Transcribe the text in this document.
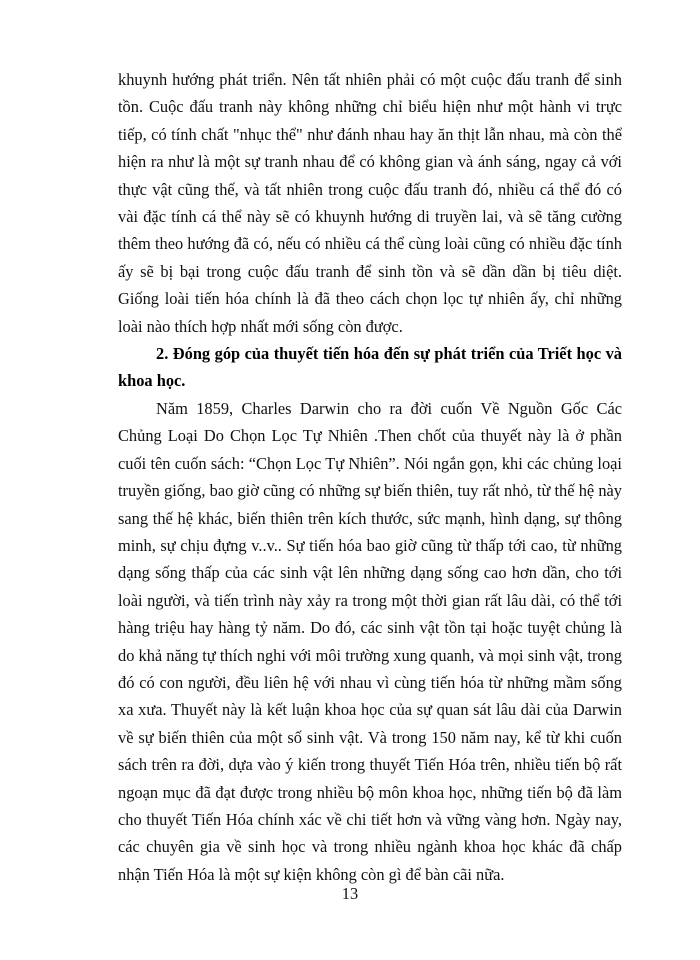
khuynh hướng phát triển. Nên tất nhiên phải có một cuộc đấu tranh để sinh tồn. Cuộc đấu tranh này không những chỉ biểu hiện như một hành vi trực tiếp, có tính chất "nhục thể" như đánh nhau hay ăn thịt lẫn nhau, mà còn thể hiện ra như là một sự tranh nhau để có không gian và ánh sáng, ngay cả với thực vật cũng thế, và tất nhiên trong cuộc đấu tranh đó, nhiều cá thể đó có vài đặc tính cá thể này sẽ có khuynh hướng di truyền lai, và sẽ tăng cường thêm theo hướng đã có, nếu có nhiều cá thể cùng loài cũng có nhiều đặc tính ấy sẽ bị bại trong cuộc đấu tranh để sinh tồn và sẽ dần dần bị tiêu diệt. Giống loài tiến hóa chính là đã theo cách chọn lọc tự nhiên ấy, chỉ những loài nào thích hợp nhất mới sống còn được.

2. Đóng góp của thuyết tiến hóa đến sự phát triển của Triết học và khoa học.

Năm 1859, Charles Darwin cho ra đời cuốn Về Nguồn Gốc Các Chủng Loại Do Chọn Lọc Tự Nhiên .Then chốt của thuyết này là ở phần cuối tên cuốn sách: “Chọn Lọc Tự Nhiên”. Nói ngắn gọn, khi các chủng loại truyền giống, bao giờ cũng có những sự biến thiên, tuy rất nhỏ, từ thế hệ này sang thế hệ khác, biến thiên trên kích thước, sức mạnh, hình dạng, sự thông minh, sự chịu đựng v..v.. Sự tiến hóa bao giờ cũng từ thấp tới cao, từ những dạng sống thấp của các sinh vật lên những dạng sống cao hơn dần, cho tới loài người, và tiến trình này xảy ra trong một thời gian rất lâu dài, có thể tới hàng triệu hay hàng tỷ năm. Do đó, các sinh vật tồn tại hoặc tuyệt chủng là do khả năng tự thích nghi với môi trường xung quanh, và mọi sinh vật, trong đó có con người, đều liên hệ với nhau vì cùng tiến hóa từ những mầm sống xa xưa. Thuyết này là kết luận khoa học của sự quan sát lâu dài của Darwin về sự biến thiên của một số sinh vật. Và trong 150 năm nay, kể từ khi cuốn sách trên ra đời, dựa vào ý kiến trong thuyết Tiến Hóa trên, nhiều tiến bộ rất ngoạn mục đã đạt được trong nhiều bộ môn khoa học, những tiến bộ đã làm cho thuyết Tiến Hóa chính xác về chi tiết hơn và vững vàng hơn. Ngày nay, các chuyên gia về sinh học và trong nhiều ngành khoa học khác đã chấp nhận Tiến Hóa là một sự kiện không còn gì để bàn cãi nữa.

13
